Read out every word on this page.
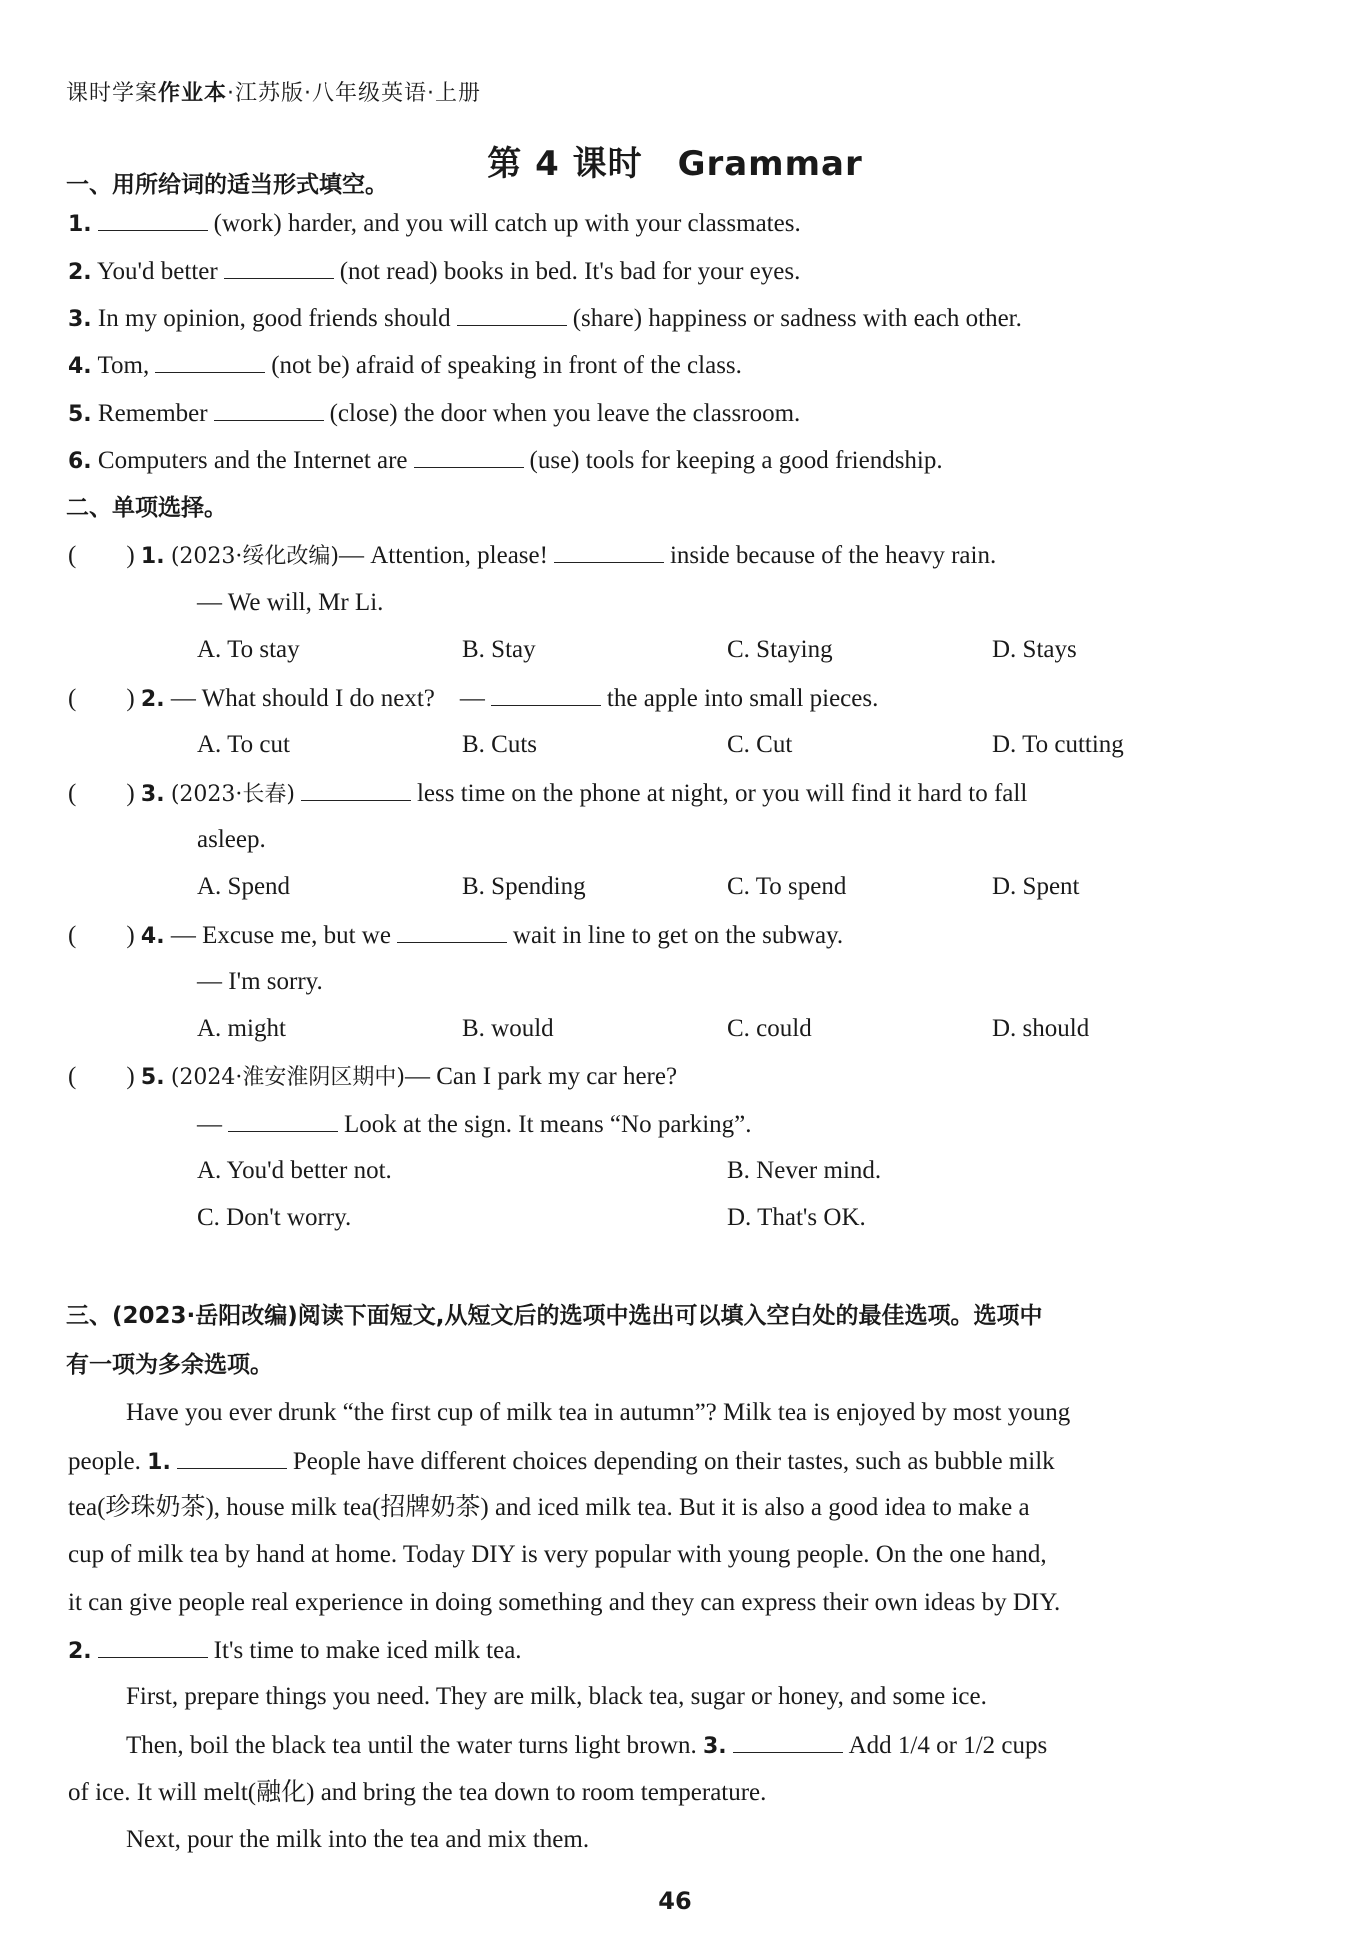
课时学案作业本·江苏版·八年级英语·上册
第 4 课时　Grammar
一、用所给词的适当形式填空。
1.	(work) harder, and you will catch up with your classmates.
2. You'd better	(not read) books in bed. It's bad for your eyes.
3. In my opinion, good friends should	(share) happiness or sadness with each other.
4. Tom,	(not be) afraid of speaking in front of the class.
5. Remember	(close) the door when you leave the classroom.
6. Computers and the Internet are	(use) tools for keeping a good friendship.
二、单项选择。
(　　) 1. (2023·绥化改编)— Attention, please!	inside because of the heavy rain.
— We will, Mr Li.
A. To stay	B. Stay	C. Staying	D. Stays
(　　) 2. — What should I do next?　—	the apple into small pieces.
A. To cut	B. Cuts	C. Cut	D. To cutting
(　　) 3. (2023·长春)	less time on the phone at night, or you will find it hard to fall
asleep.
A. Spend	B. Spending	C. To spend	D. Spent
(　　) 4. — Excuse me, but we	wait in line to get on the subway.
— I'm sorry.
A. might	B. would	C. could	D. should
(　　) 5. (2024·淮安淮阴区期中)— Can I park my car here?
—	Look at the sign. It means “No parking”.
A. You'd better not.	B. Never mind.
C. Don't worry.	D. That's OK.
三、(2023·岳阳改编)阅读下面短文,从短文后的选项中选出可以填入空白处的最佳选项。选项中
有一项为多余选项。
Have you ever drunk “the first cup of milk tea in autumn”? Milk tea is enjoyed by most young
people. 1.	People have different choices depending on their tastes, such as bubble milk
tea(珍珠奶茶), house milk tea(招牌奶茶) and iced milk tea. But it is also a good idea to make a
cup of milk tea by hand at home. Today DIY is very popular with young people. On the one hand,
it can give people real experience in doing something and they can express their own ideas by DIY.
2.	It's time to make iced milk tea.
First, prepare things you need. They are milk, black tea, sugar or honey, and some ice.
Then, boil the black tea until the water turns light brown. 3.	Add 1/4 or 1/2 cups
of ice. It will melt(融化) and bring the tea down to room temperature.
Next, pour the milk into the tea and mix them.
46
